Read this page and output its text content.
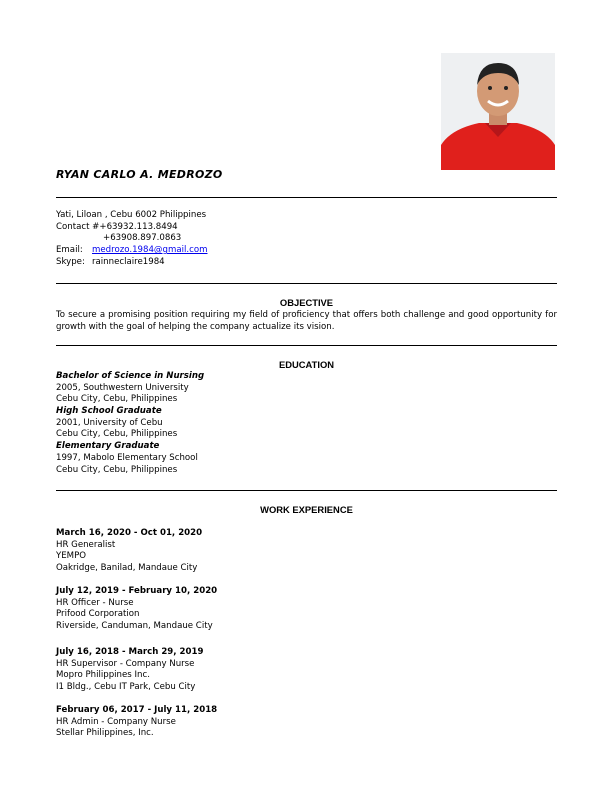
RYAN CARLO A. MEDROZO
Yati, Liloan , Cebu 6002 Philippines
Contact #+63932.113.8494
+63908.897.0863
Email: medrozo.1984@gmail.com
Skype: rainneclaire1984
OBJECTIVE
To secure a promising position requiring my field of proficiency that offers both challenge and good opportunity for growth with the goal of helping the company actualize its vision.
EDUCATION
Bachelor of Science in Nursing
2005, Southwestern University
Cebu City, Cebu, Philippines
High School Graduate
2001, University of Cebu
Cebu City, Cebu, Philippines
Elementary Graduate
1997, Mabolo Elementary School
Cebu City, Cebu, Philippines
WORK EXPERIENCE
March 16, 2020 - Oct 01, 2020
HR Generalist
YEMPO
Oakridge, Banilad, Mandaue City
July 12, 2019 - February 10, 2020
HR Officer - Nurse
Prifood Corporation
Riverside, Canduman, Mandaue City
July 16, 2018 - March 29, 2019
HR Supervisor - Company Nurse
Mopro Philippines Inc.
I1 Bldg., Cebu IT Park, Cebu City
February 06, 2017 - July 11, 2018
HR Admin - Company Nurse
Stellar Philippines, Inc.
